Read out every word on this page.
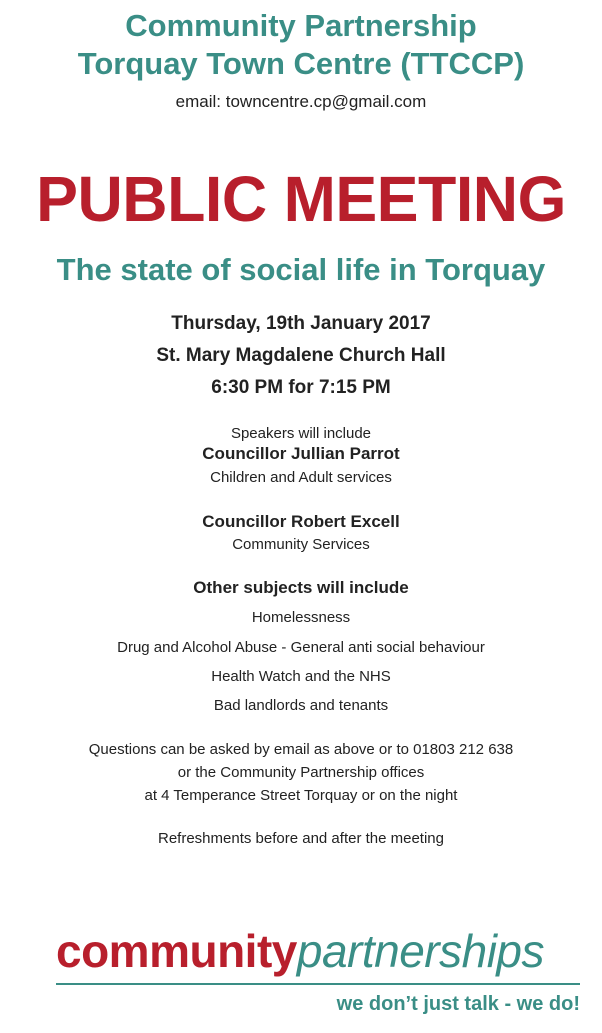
Community Partnership
Torquay Town Centre (TTCCP)
email: towncentre.cp@gmail.com
PUBLIC MEETING
The state of social life in Torquay
Thursday, 19th January 2017
St. Mary Magdalene Church Hall
6:30 PM for 7:15 PM
Speakers will include
Councillor Jullian Parrot
Children and Adult services
Councillor Robert Excell
Community Services
Other subjects will include
Homelessness
Drug and Alcohol Abuse - General anti social behaviour
Health Watch and the NHS
Bad landlords and tenants
Questions can be asked by email as above or to 01803 212 638
or the Community Partnership offices
at 4 Temperance Street Torquay or on the night
Refreshments before and after the meeting
communitypartnerships
we don’t just talk - we do!
